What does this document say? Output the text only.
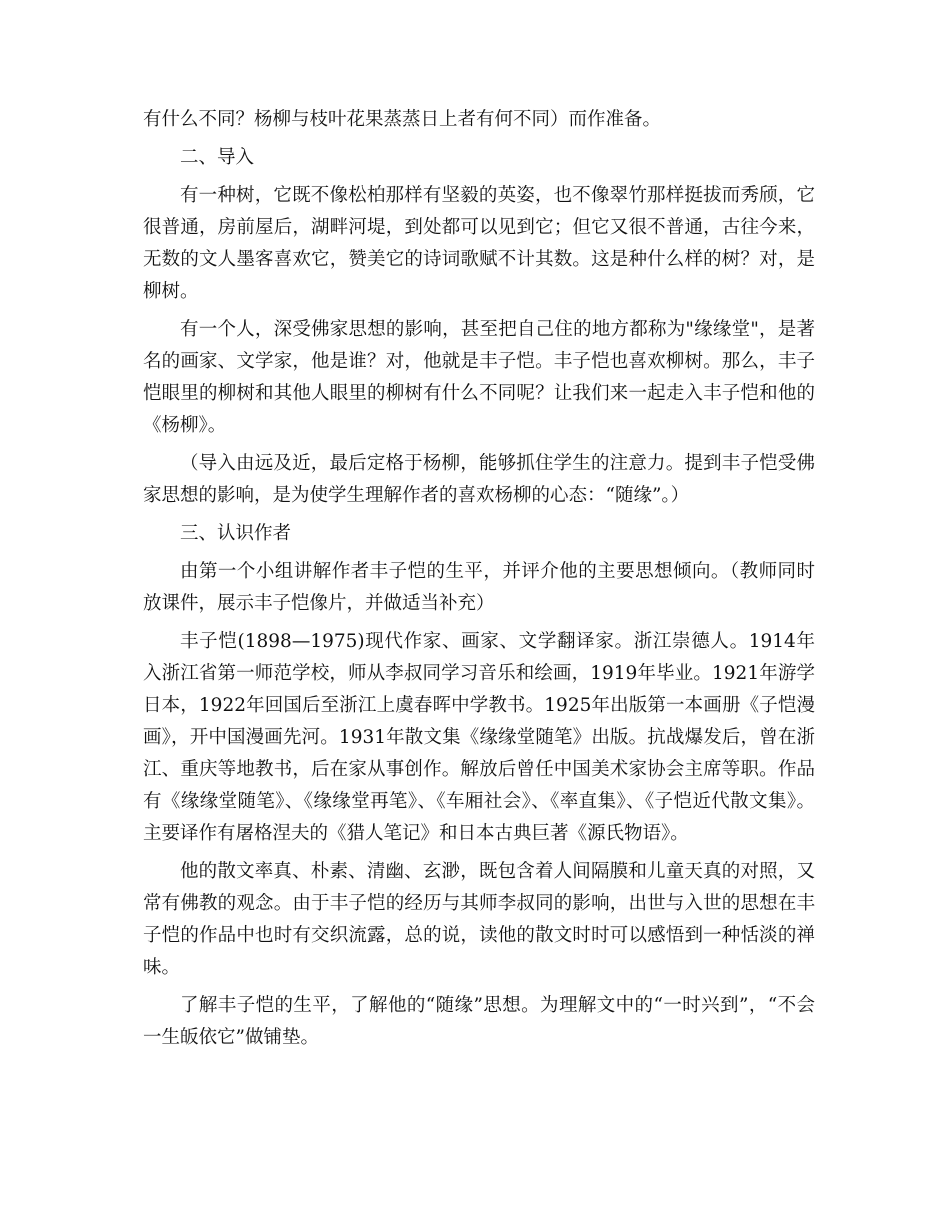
有什么不同？杨柳与枝叶花果蒸蒸日上者有何不同）而作准备。

二、导入

有一种树，它既不像松柏那样有坚毅的英姿，也不像翠竹那样挺拔而秀颀，它很普通，房前屋后，湖畔河堤，到处都可以见到它；但它又很不普通，古往今来，无数的文人墨客喜欢它，赞美它的诗词歌赋不计其数。这是种什么样的树？对，是柳树。

有一个人，深受佛家思想的影响，甚至把自己住的地方都称为"缘缘堂"，是著名的画家、文学家，他是谁？对，他就是丰子恺。丰子恺也喜欢柳树。那么，丰子恺眼里的柳树和其他人眼里的柳树有什么不同呢？让我们来一起走入丰子恺和他的《杨柳》。

（导入由远及近，最后定格于杨柳，能够抓住学生的注意力。提到丰子恺受佛家思想的影响，是为使学生理解作者的喜欢杨柳的心态：“随缘”。）

三、认识作者

由第一个小组讲解作者丰子恺的生平，并评介他的主要思想倾向。（教师同时放课件，展示丰子恺像片，并做适当补充）

丰子恺(1898—1975)现代作家、画家、文学翻译家。浙江崇德人。1914年入浙江省第一师范学校，师从李叔同学习音乐和绘画，1919年毕业。1921年游学日本，1922年回国后至浙江上虞春晖中学教书。1925年出版第一本画册《子恺漫画》，开中国漫画先河。1931年散文集《缘缘堂随笔》出版。抗战爆发后，曾在浙江、重庆等地教书，后在家从事创作。解放后曾任中国美术家协会主席等职。作品有《缘缘堂随笔》、《缘缘堂再笔》、《车厢社会》、《率直集》、《子恺近代散文集》。主要译作有屠格涅夫的《猎人笔记》和日本古典巨著《源氏物语》。

他的散文率真、朴素、清幽、玄渺，既包含着人间隔膜和儿童天真的对照，又常有佛教的观念。由于丰子恺的经历与其师李叔同的影响，出世与入世的思想在丰子恺的作品中也时有交织流露，总的说，读他的散文时时可以感悟到一种恬淡的禅味。

了解丰子恺的生平，了解他的“随缘”思想。为理解文中的“一时兴到”，“不会一生皈依它”做铺垫。
